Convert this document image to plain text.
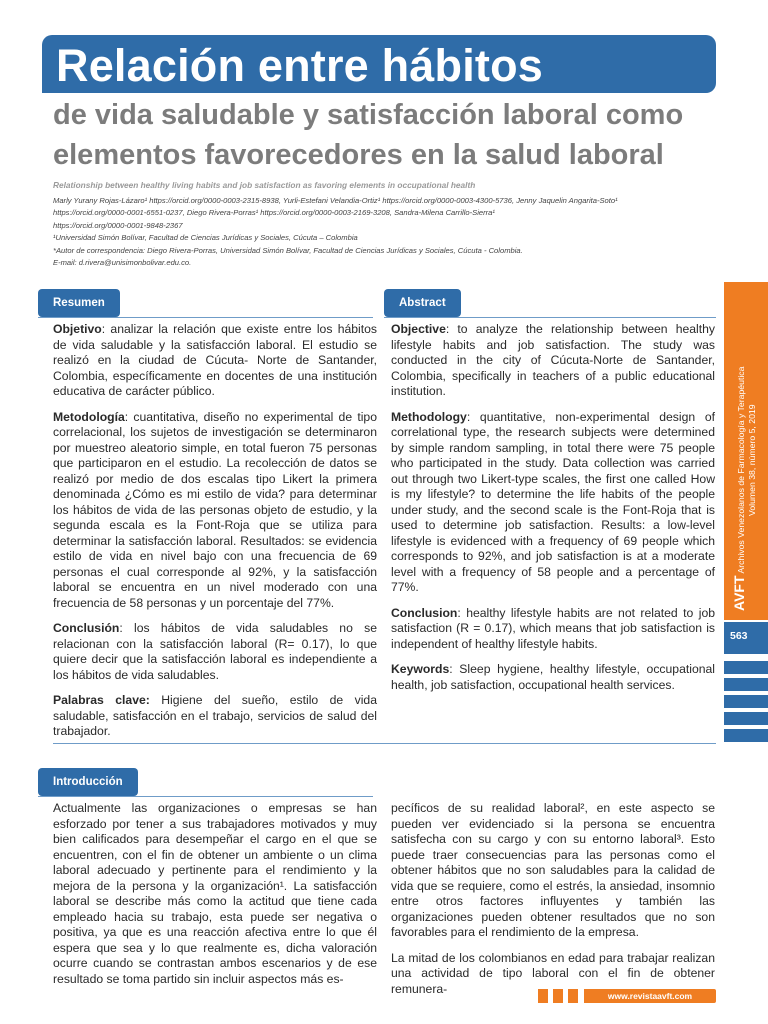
Relación entre hábitos
de vida saludable y satisfacción laboral como elementos favorecedores en la salud laboral
Relationship between healthy living habits and job satisfaction as favoring elements in occupational health

Marly Yurany Rojas-Lázaro¹ https://orcid.org/0000-0003-2315-8938, Yurli-Estefani Velandia-Ortiz¹ https://orcid.org/0000-0003-4300-5736, Jenny Jaquelin Angarita-Soto¹

https://orcid.org/0000-0001-6551-0237, Diego Rivera-Porras¹ https://orcid.org/0000-0003-2169-3208, Sandra-Milena Carrillo-Sierra¹

https://orcid.org/0000-0001-9848-2367

¹Universidad Simón Bolívar, Facultad de Ciencias Jurídicas y Sociales, Cúcuta – Colombia

*Autor de correspondencia: Diego Rivera-Porras, Universidad Simón Bolívar, Facultad de Ciencias Jurídicas y Sociales, Cúcuta - Colombia.

E-mail: d.rivera@unisimonbolivar.edu.co.

Resumen	Abstract

Objetivo: analizar la relación que existe entre los hábitos de vida saludable y la satisfacción laboral. El estudio se realizó en la ciudad de Cúcuta- Norte de Santander, Colombia, específicamente en docentes de una institución educativa de carácter público.

Metodología: cuantitativa, diseño no experimental de tipo correlacional, los sujetos de investigación se determinaron por muestreo aleatorio simple, en total fueron 75 personas que participaron en el estudio. La recolección de datos se realizó por medio de dos escalas tipo Likert la primera denominada ¿Cómo es mi estilo de vida? para determinar los hábitos de vida de las personas objeto de estudio, y la segunda escala es la Font-Roja que se utiliza para determinar la satisfacción laboral. Resultados: se evidencia estilo de vida en nivel bajo con una frecuencia de 69 personas el cual corresponde al 92%, y la satisfacción laboral se encuentra en un nivel moderado con una frecuencia de 58 personas y un porcentaje del 77%.

Conclusión: los hábitos de vida saludables no se relacionan con la satisfacción laboral (R= 0.17), lo que quiere decir que la satisfacción laboral es independiente a los hábitos de vida saludables.

Palabras clave: Higiene del sueño, estilo de vida saludable, satisfacción en el trabajo, servicios de salud del trabajador.

Objective: to analyze the relationship between healthy lifestyle habits and job satisfaction. The study was conducted in the city of Cúcuta-Norte de Santander, Colombia, specifically in teachers of a public educational institution.

Methodology: quantitative, non-experimental design of correlational type, the research subjects were determined by simple random sampling, in total there were 75 people who participated in the study. Data collection was carried out through two Likert-type scales, the first one called How is my lifestyle? to determine the life habits of the people under study, and the second scale is the Font-Roja that is used to determine job satisfaction. Results: a low-level lifestyle is evidenced with a frequency of 69 people which corresponds to 92%, and job satisfaction is at a moderate level with a frequency of 58 people and a percentage of 77%.

Conclusion: healthy lifestyle habits are not related to job satisfaction (R = 0.17), which means that job satisfaction is independent of healthy lifestyle habits.

Keywords: Sleep hygiene, healthy lifestyle, occupational health, job satisfaction, occupational health services.

Introducción

Actualmente las organizaciones o empresas se han esforzado por tener a sus trabajadores motivados y muy bien calificados para desempeñar el cargo en el que se encuentren, con el fin de obtener un ambiente o un clima laboral adecuado y pertinente para el rendimiento y la mejora de la persona y la organización¹. La satisfacción laboral se describe más como la actitud que tiene cada empleado hacia su trabajo, esta puede ser negativa o positiva, ya que es una reacción afectiva entre lo que él espera que sea y lo que realmente es, dicha valoración ocurre cuando se contrastan ambos escenarios y de ese resultado se toma partido sin incluir aspectos más es-

pecíficos de su realidad laboral², en este aspecto se pueden ver evidenciado si la persona se encuentra satisfecha con su cargo y con su entorno laboral³. Esto puede traer consecuencias para las personas como el obtener hábitos que no son saludables para la calidad de vida que se requiere, como el estrés, la ansiedad, insomnio entre otros factores influyentes y también las organizaciones pueden obtener resultados que no son favorables para el rendimiento de la empresa.

La mitad de los colombianos en edad para trabajar realizan una actividad de tipo laboral con el fin de obtener remunera-

AVFT Archivos Venezolanos de Farmacología y Terapéutica Volumen 38, número 5, 2019
563
www.revistaavft.com
